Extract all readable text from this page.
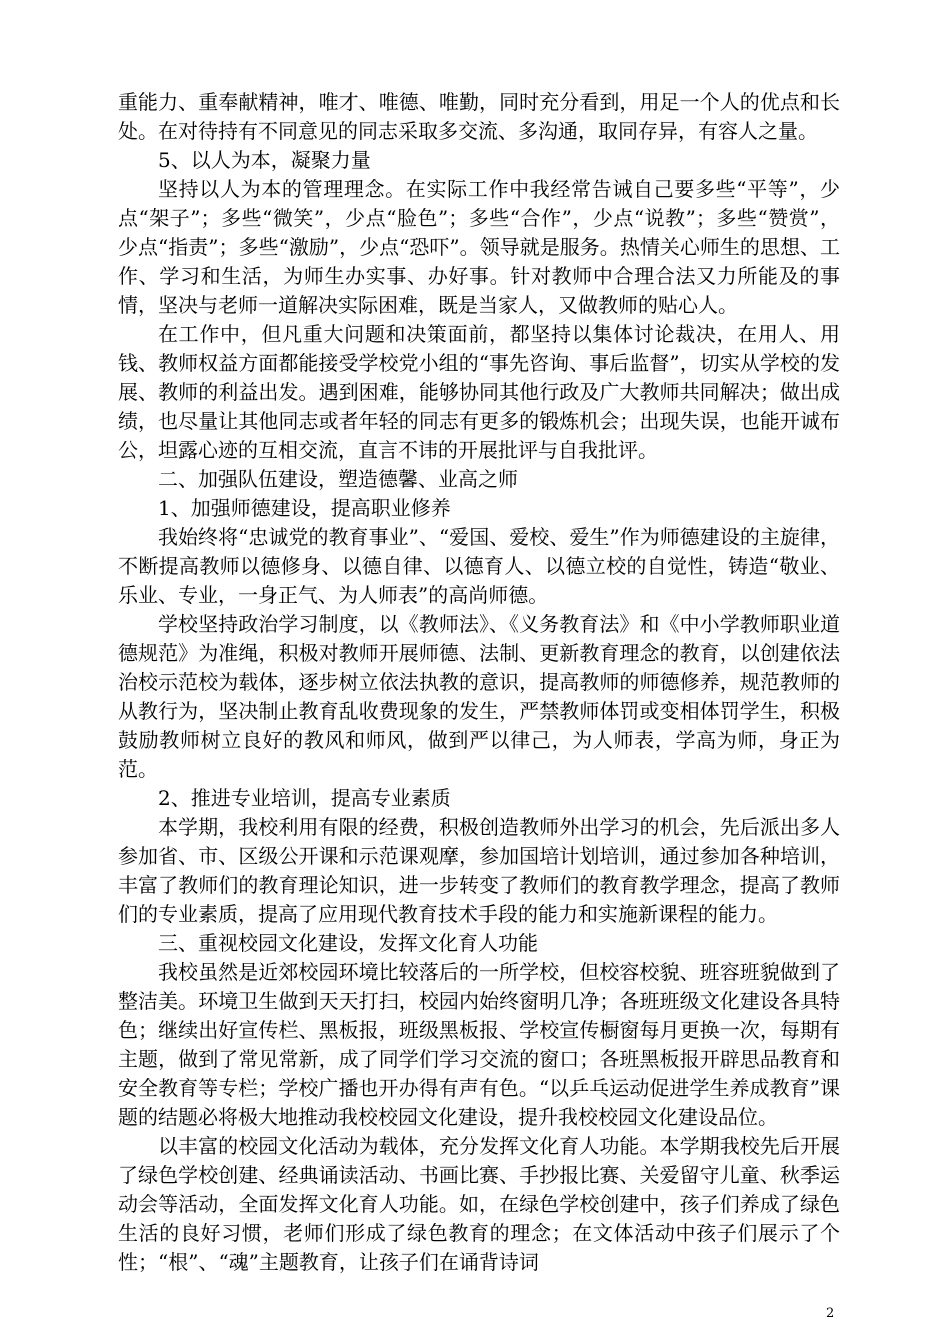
重能力、重奉献精神，唯才、唯德、唯勤，同时充分看到，用足一个人的优点和长处。在对待持有不同意见的同志采取多交流、多沟通，取同存异，有容人之量。

5、以人为本，凝聚力量

坚持以人为本的管理理念。在实际工作中我经常告诫自己要多些“平等”，少点“架子”；多些“微笑”，少点“脸色”；多些“合作”，少点“说教”；多些“赞赏”，少点“指责”；多些“激励”，少点“恐吓”。领导就是服务。热情关心师生的思想、工作、学习和生活，为师生办实事、办好事。针对教师中合理合法又力所能及的事情，坚决与老师一道解决实际困难，既是当家人，又做教师的贴心人。

在工作中，但凡重大问题和决策面前，都坚持以集体讨论裁决，在用人、用钱、教师权益方面都能接受学校党小组的“事先咨询、事后监督”，切实从学校的发展、教师的利益出发。遇到困难，能够协同其他行政及广大教师共同解决；做出成绩，也尽量让其他同志或者年轻的同志有更多的锻炼机会；出现失误，也能开诚布公，坦露心迹的互相交流，直言不讳的开展批评与自我批评。

二、加强队伍建设，塑造德馨、业高之师

1、加强师德建设，提高职业修养

我始终将“忠诚党的教育事业”、“爱国、爱校、爱生”作为师德建设的主旋律，不断提高教师以德修身、以德自律、以德育人、以德立校的自觉性，铸造“敬业、乐业、专业，一身正气、为人师表”的高尚师德。

学校坚持政治学习制度，以《教师法》、《义务教育法》和《中小学教师职业道德规范》为准绳，积极对教师开展师德、法制、更新教育理念的教育，以创建依法治校示范校为载体，逐步树立依法执教的意识，提高教师的师德修养，规范教师的从教行为，坚决制止教育乱收费现象的发生，严禁教师体罚或变相体罚学生，积极鼓励教师树立良好的教风和师风，做到严以律己，为人师表，学高为师，身正为范。

2、推进专业培训，提高专业素质

本学期，我校利用有限的经费，积极创造教师外出学习的机会，先后派出多人参加省、市、区级公开课和示范课观摩，参加国培计划培训，通过参加各种培训，丰富了教师们的教育理论知识，进一步转变了教师们的教育教学理念，提高了教师们的专业素质，提高了应用现代教育技术手段的能力和实施新课程的能力。

三、重视校园文化建设，发挥文化育人功能

我校虽然是近郊校园环境比较落后的一所学校，但校容校貌、班容班貌做到了整洁美。环境卫生做到天天打扫，校园内始终窗明几净；各班班级文化建设各具特色；继续出好宣传栏、黑板报，班级黑板报、学校宣传橱窗每月更换一次，每期有主题，做到了常见常新，成了同学们学习交流的窗口；各班黑板报开辟思品教育和安全教育等专栏；学校广播也开办得有声有色。“以乒乓运动促进学生养成教育”课题的结题必将极大地推动我校校园文化建设，提升我校校园文化建设品位。

以丰富的校园文化活动为载体，充分发挥文化育人功能。本学期我校先后开展了绿色学校创建、经典诵读活动、书画比赛、手抄报比赛、关爱留守儿童、秋季运动会等活动，全面发挥文化育人功能。如，在绿色学校创建中，孩子们养成了绿色生活的良好习惯，老师们形成了绿色教育的理念；在文体活动中孩子们展示了个性；“根”、“魂”主题教育，让孩子们在诵背诗词

2
